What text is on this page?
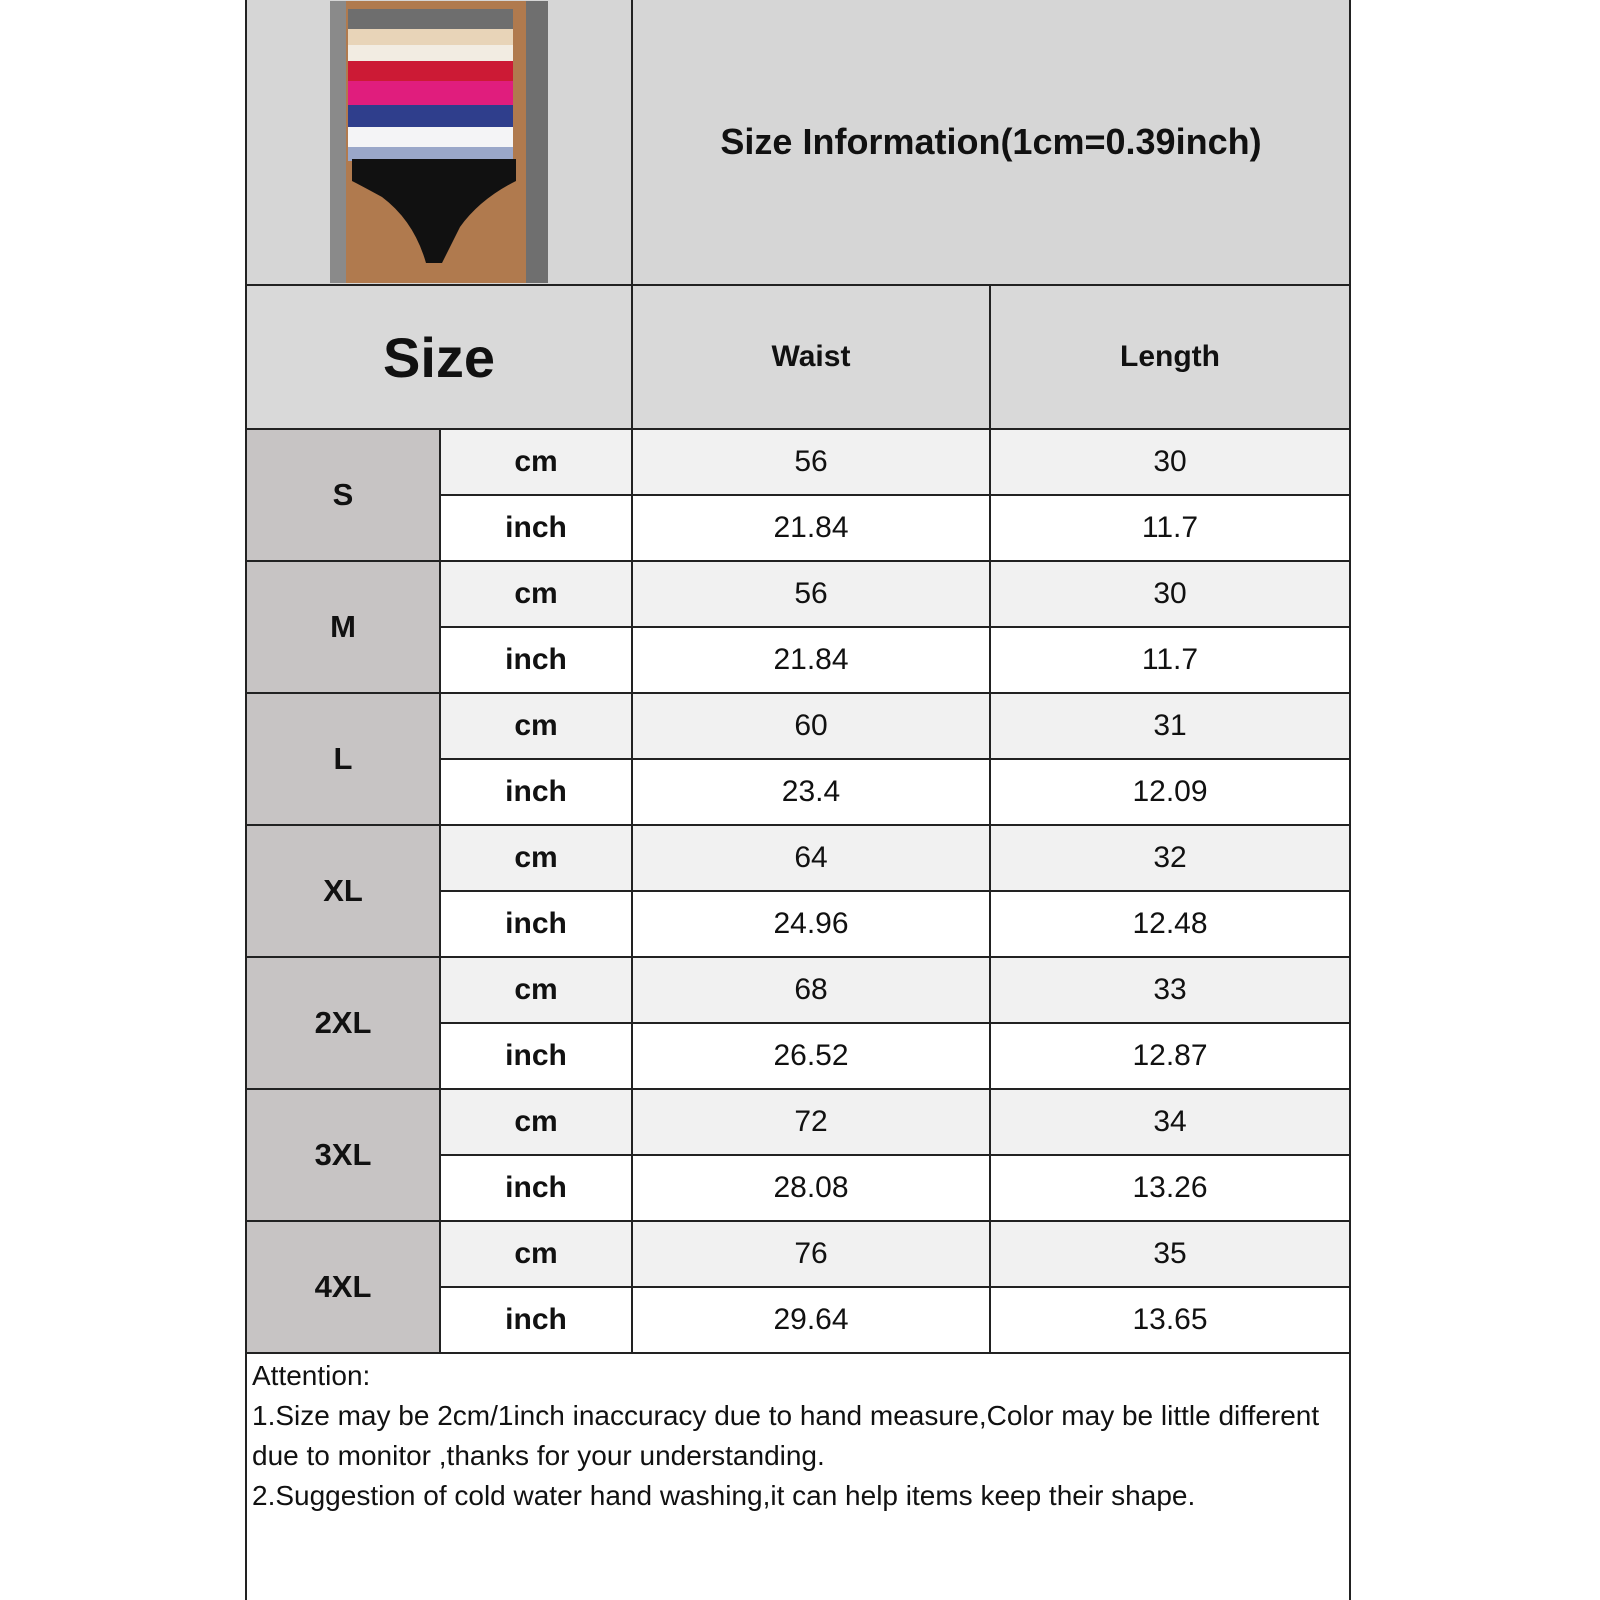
Size Information(1cm=0.39inch)
Size	Waist	Length
S
cm	56	30
inch	21.84	11.7
M
cm	56	30
inch	21.84	11.7
L
cm	60	31
inch	23.4	12.09
XL
cm	64	32
inch	24.96	12.48
2XL
cm	68	33
inch	26.52	12.87
3XL
cm	72	34
inch	28.08	13.26
4XL
cm	76	35
inch	29.64	13.65
Attention:
1.Size may be 2cm/1inch inaccuracy due to hand measure,Color may be little different due to monitor ,thanks for your understanding.
2.Suggestion of cold water hand washing,it can help items keep their shape.
